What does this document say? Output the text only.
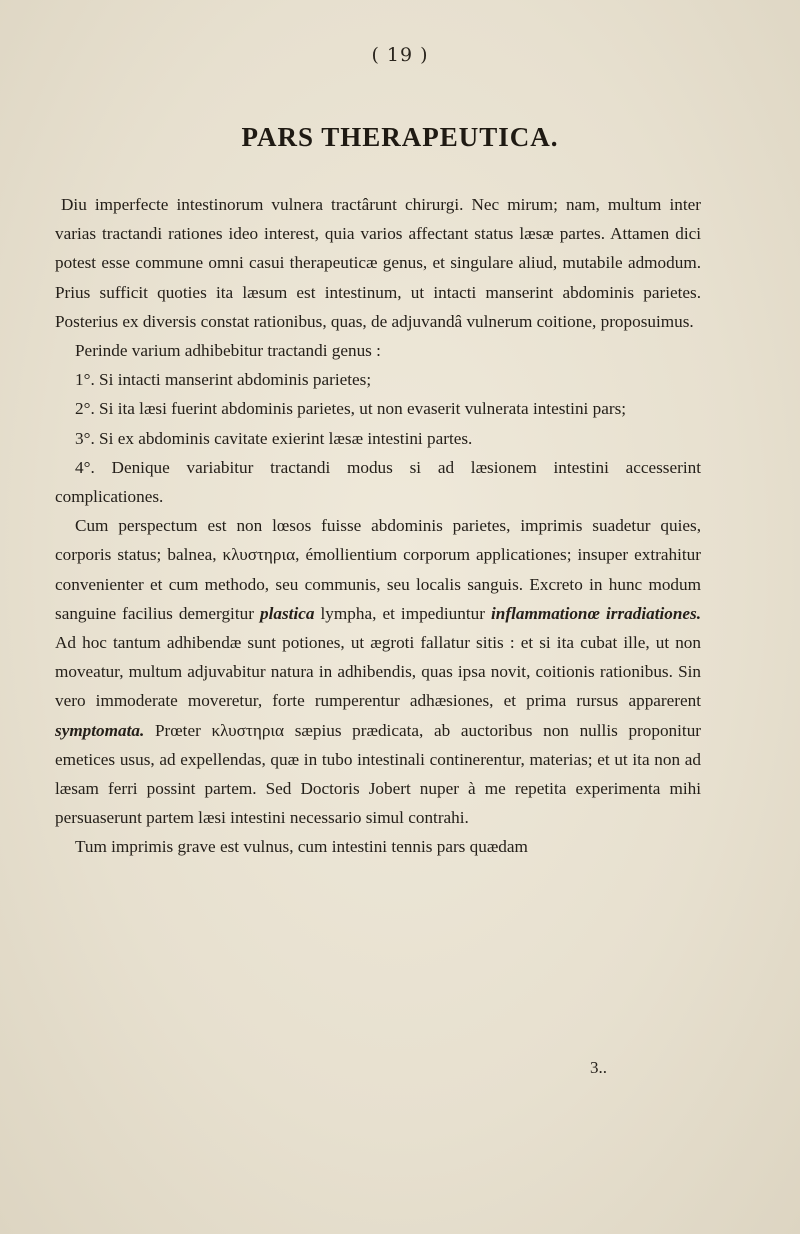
( 19 )
PARS THERAPEUTICA.

Diu imperfecte intestinorum vulnera tractârunt chirurgi. Nec mirum; nam, multum inter varias tractandi rationes ideo interest, quia varios affectant status læsæ partes. Attamen dici potest esse commune omni casui therapeuticæ genus, et singulare aliud, mutabile admodum. Prius sufficit quoties ita læsum est intestinum, ut intacti manserint abdominis parietes. Posterius ex diversis constat rationibus, quas, de adjuvandâ vulnerum coitione, proposuimus.

Perinde varium adhibebitur tractandi genus :

1°. Si intacti manserint abdominis parietes;

2°. Si ita læsi fuerint abdominis parietes, ut non evaserit vulnerata intestini pars;

3°. Si ex abdominis cavitate exierint læsæ intestini partes.

4°. Denique variabitur tractandi modus si ad læsionem intestini accesserint complicationes.

Cum perspectum est non lœsos fuisse abdominis parietes, imprimis suadetur quies, corporis status; balnea, κλυστηρια, émollientium corporum applicationes; insuper extrahitur convenienter et cum methodo, seu communis, seu localis sanguis. Excreto in hunc modum sanguine facilius demergitur plastica lympha, et impediuntur inflammationœ irradiationes. Ad hoc tantum adhibendæ sunt potiones, ut ægroti fallatur sitis : et si ita cubat ille, ut non moveatur, multum adjuvabitur natura in adhibendis, quas ipsa novit, coitionis rationibus. Sin vero immoderate moveretur, forte rumperentur adhæsiones, et prima rursus apparerent symptomata. Prœter κλυστηρια sæpius prædicata, ab auctoribus non nullis proponitur emetices usus, ad expellendas, quæ in tubo intestinali continerentur, materias; et ut ita non ad læsam ferri possint partem. Sed Doctoris Jobert nuper à me repetita experimenta mihi persuaserunt partem læsi intestini necessario simul contrahi.

Tum imprimis grave est vulnus, cum intestini tennis pars quædam

3..
